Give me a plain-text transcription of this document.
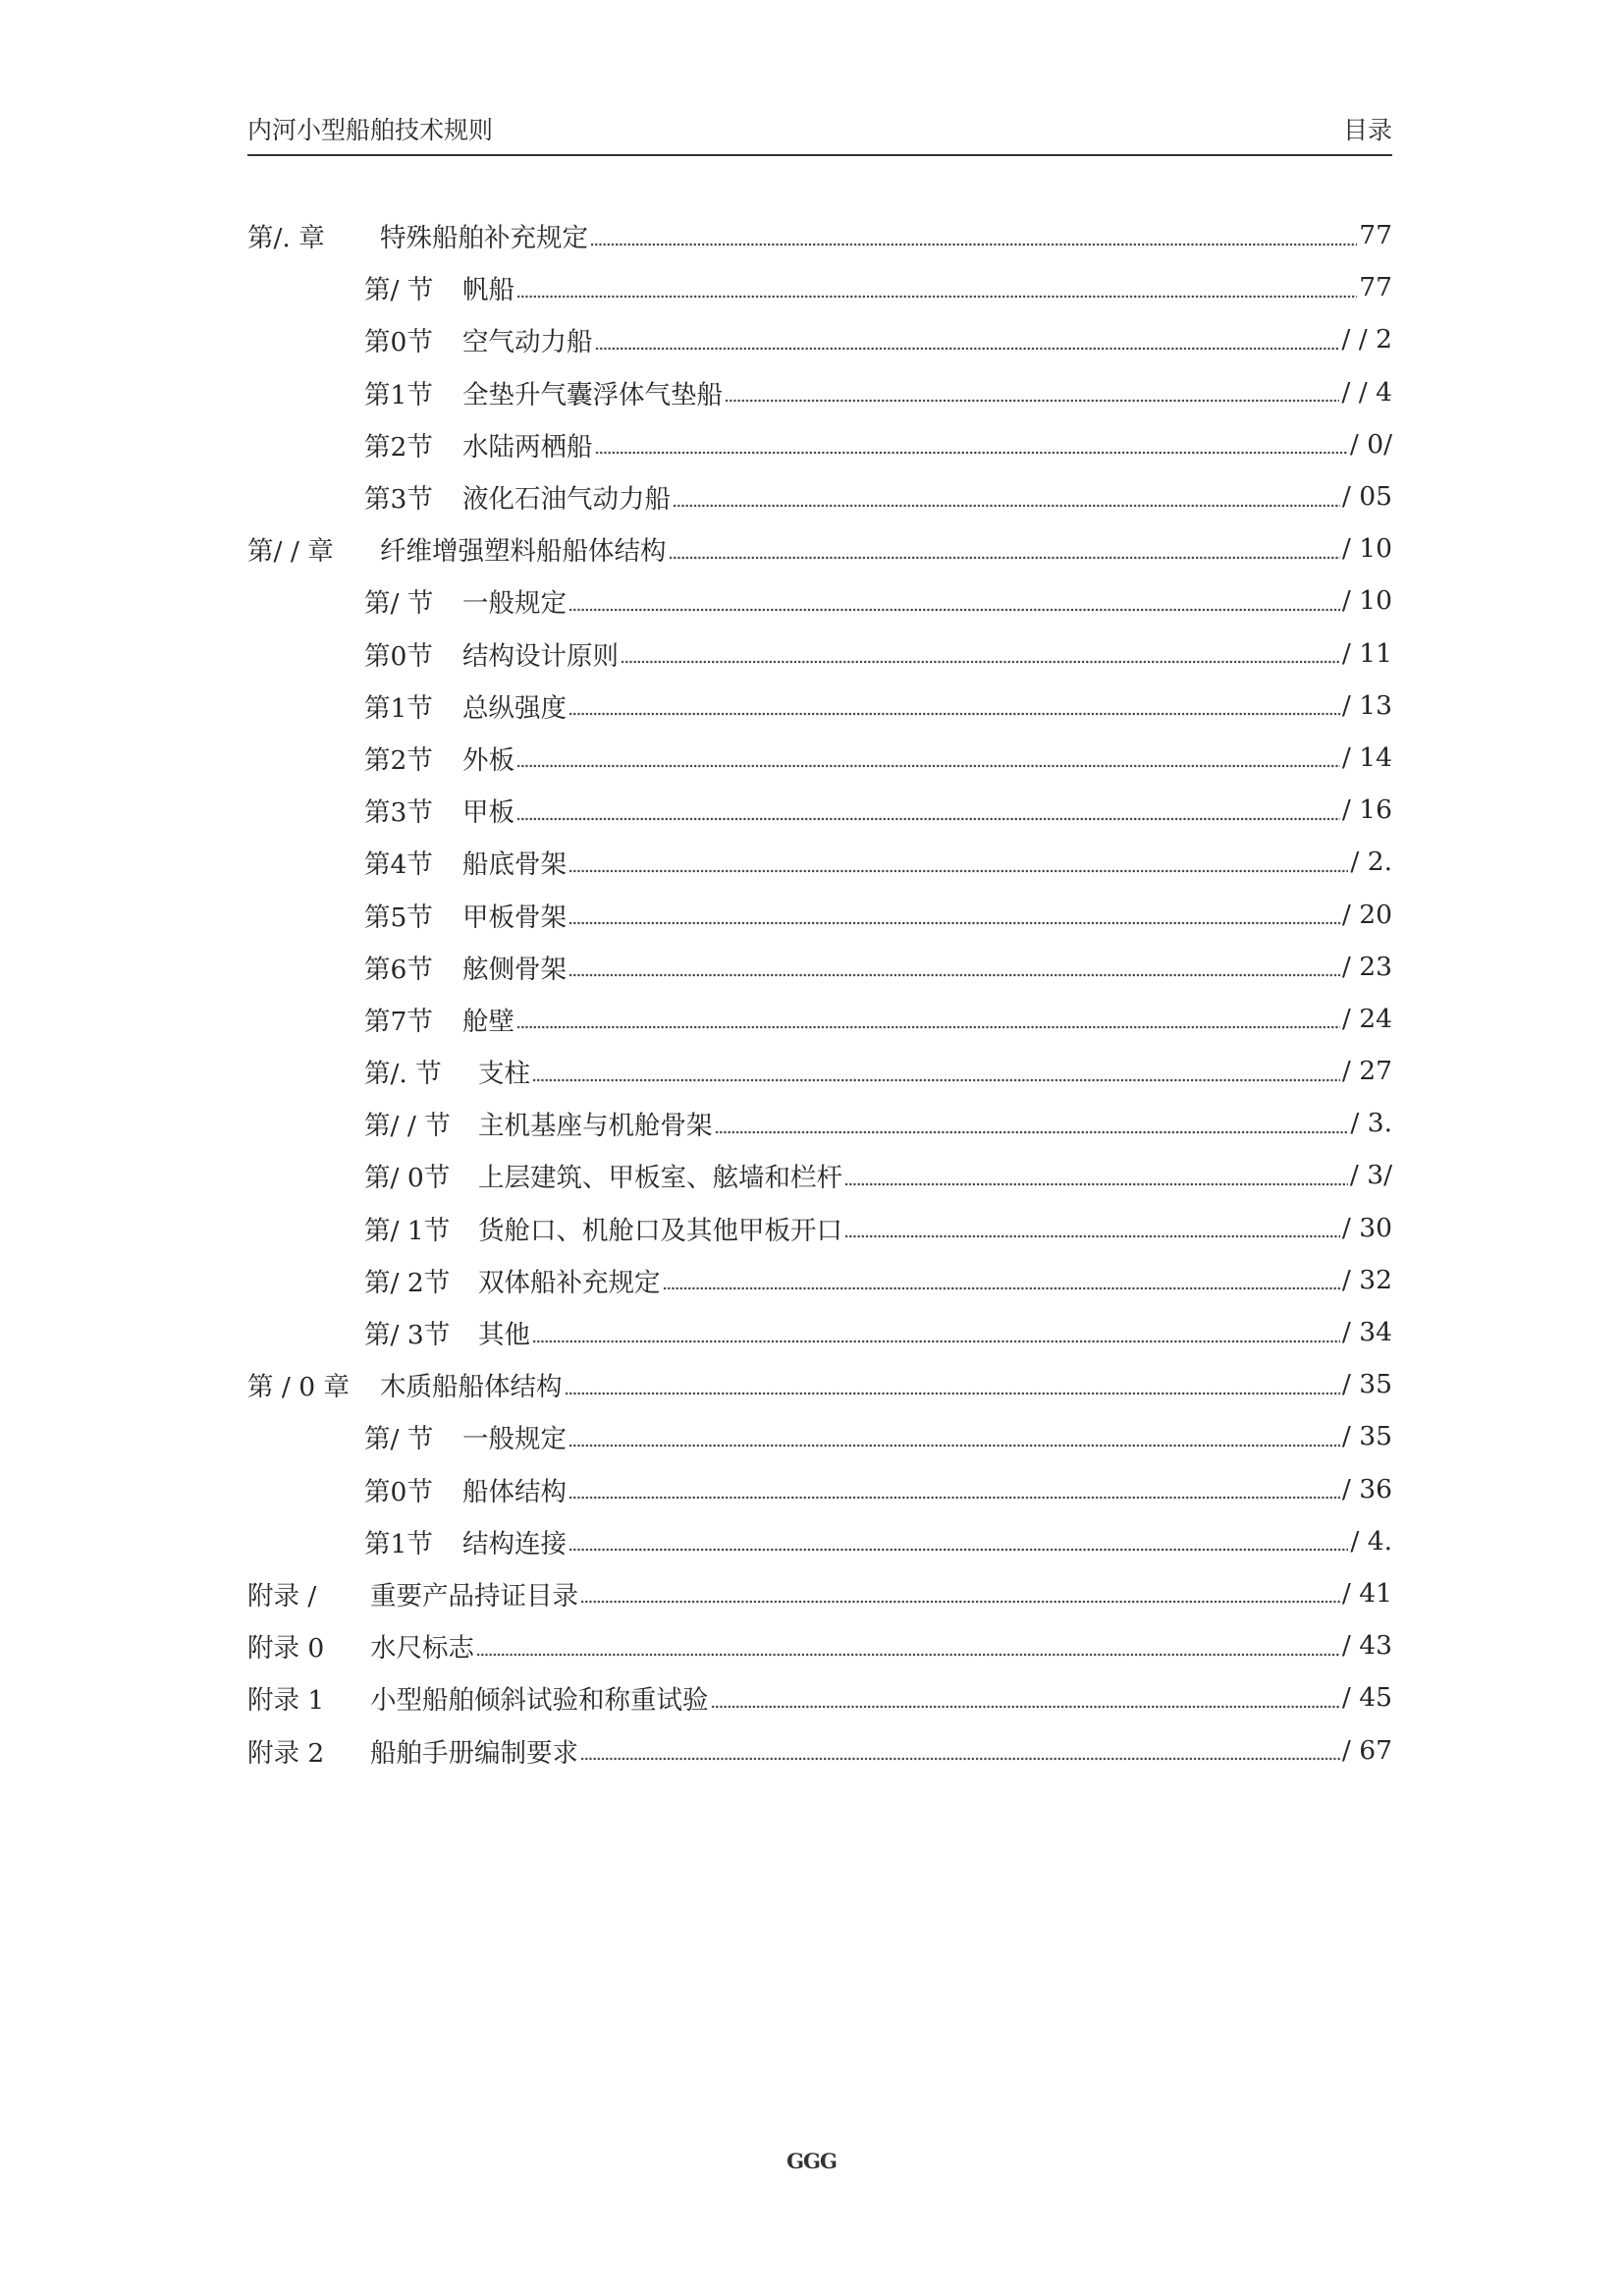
内河小型船舶技术规则	目录
第/. 章	特殊船舶补充规定	77
第/ 节	帆船	77
第0节	空气动力船	/ / 2
第1节	全垫升气囊浮体气垫船	/ / 4
第2节	水陆两栖船	/ 0/
第3节	液化石油气动力船	/ 05
第/ / 章	纤维增强塑料船船体结构	/ 10
第/ 节	一般规定	/ 10
第0节	结构设计原则	/ 11
第1节	总纵强度	/ 13
第2节	外板	/ 14
第3节	甲板	/ 16
第4节	船底骨架	/ 2.
第5节	甲板骨架	/ 20
第6节	舷侧骨架	/ 23
第7节	舱壁	/ 24
第/. 节	支柱	/ 27
第/ / 节	主机基座与机舱骨架	/ 3.
第/ 0节	上层建筑、甲板室、舷墙和栏杆	/ 3/
第/ 1节	货舱口、机舱口及其他甲板开口	/ 30
第/ 2节	双体船补充规定	/ 32
第/ 3节	其他	/ 34
第 / 0 章	木质船船体结构	/ 35
第/ 节	一般规定	/ 35
第0节	船体结构	/ 36
第1节	结构连接	/ 4.
附录 /	重要产品持证目录	/ 41
附录 0	水尺标志	/ 43
附录 1	小型船舶倾斜试验和称重试验	/ 45
附录 2	船舶手册编制要求	/ 67
GGG
